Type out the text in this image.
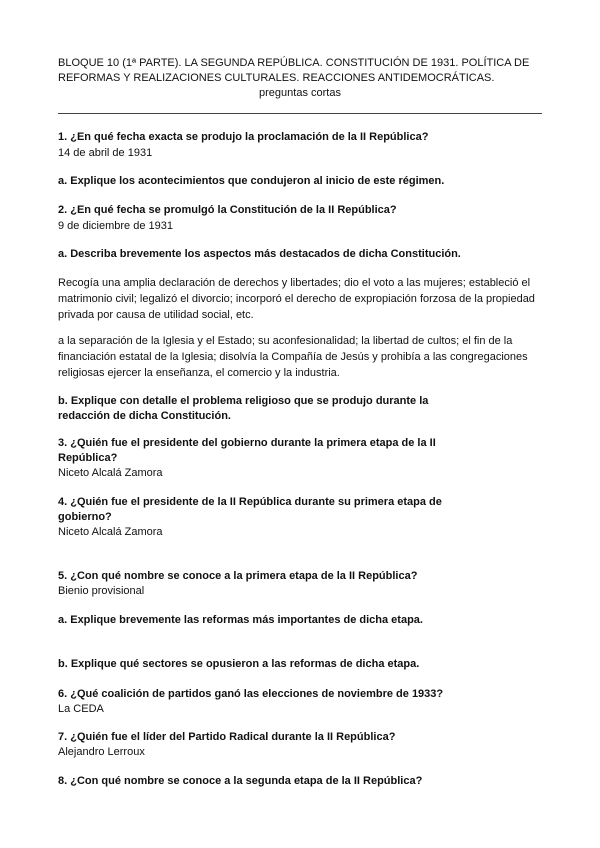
BLOQUE 10 (1ª PARTE). LA SEGUNDA REPÚBLICA. CONSTITUCIÓN DE 1931. POLÍTICA DE
REFORMAS Y REALIZACIONES CULTURALES. REACCIONES ANTIDEMOCRÁTICAS.
preguntas cortas
1. ¿En qué fecha exacta se produjo la proclamación de la II República?
14 de abril de 1931
a. Explique los acontecimientos que condujeron al inicio de este régimen.
2. ¿En qué fecha se promulgó la Constitución de la II República?
9 de diciembre de 1931
a. Describa brevemente los aspectos más destacados de dicha Constitución.
Recogía una amplia declaración de derechos y libertades; dio el voto a las mujeres; estableció el matrimonio civil; legalizó el divorcio; incorporó el derecho de expropiación forzosa de la propiedad privada por causa de utilidad social, etc.
a la separación de la Iglesia y el Estado; su aconfesionalidad; la libertad de cultos; el fin de la financiación estatal de la Iglesia; disolvía la Compañía de Jesús y prohibía a las congregaciones religiosas ejercer la enseñanza, el comercio y la industria.
b. Explique con detalle el problema religioso que se produjo durante la
redacción de dicha Constitución.
3. ¿Quién fue el presidente del gobierno durante la primera etapa de la II
República?
Niceto Alcalá Zamora
4. ¿Quién fue el presidente de la II República durante su primera etapa de
gobierno?
Niceto Alcalá Zamora
5. ¿Con qué nombre se conoce a la primera etapa de la II República?
Bienio provisional
a. Explique brevemente las reformas más importantes de dicha etapa.
b. Explique qué sectores se opusieron a las reformas de dicha etapa.
6. ¿Qué coalición de partidos ganó las elecciones de noviembre de 1933?
La CEDA
7. ¿Quién fue el líder del Partido Radical durante la II República?
Alejandro Lerroux
8. ¿Con qué nombre se conoce a la segunda etapa de la II República?
